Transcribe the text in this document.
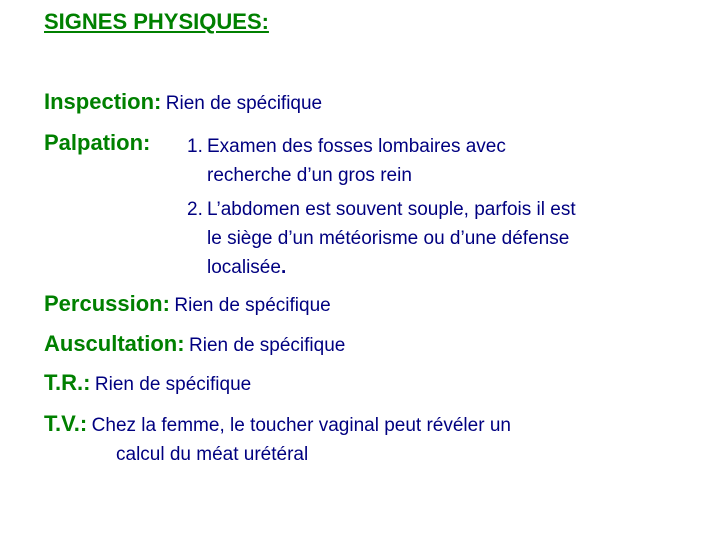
SIGNES PHYSIQUES:
Inspection: Rien de spécifique
Palpation: 1. Examen des fosses lombaires avec
recherche d’un gros rein
2. L’abdomen est souvent souple, parfois il est
le siège d’un météorisme ou d’une défense
localisée.
Percussion: Rien de spécifique
Auscultation: Rien de spécifique
T.R.: Rien de spécifique
T.V.: Chez la femme, le toucher vaginal peut révéler un
calcul du méat urétéral
